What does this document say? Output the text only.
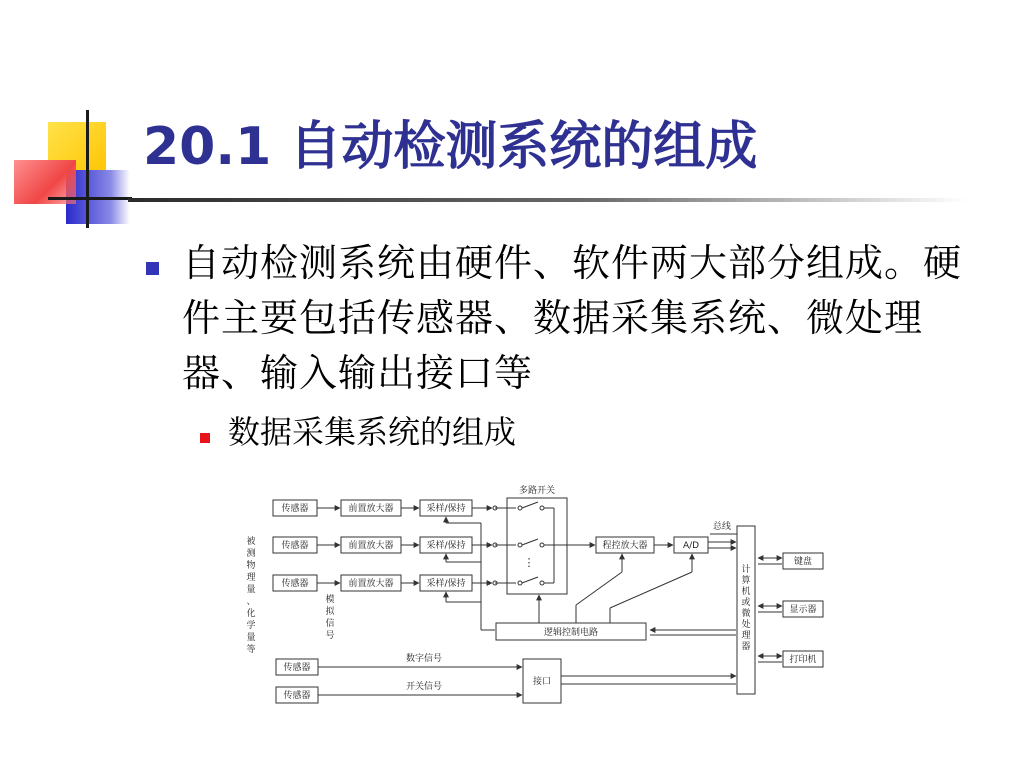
20.1 自动检测系统的组成
自动检测系统由硬件、软件两大部分组成。硬件主要包括传感器、数据采集系统、微处理器、输入输出接口等
数据采集系统的组成
传感器	前置放大器	采样/保持
传感器	前置放大器	采样/保持
传感器	前置放大器	采样/保持
多路开关
⋮
程控放大器	A/D
总线
逻辑控制电路
键盘
显示器
打印机
传感器
传感器
接口
数字信号
开关信号
计
算
机
或
微
处
理
器
被
测
物
理
量
、
化
学
量
等
模
拟
信
号
